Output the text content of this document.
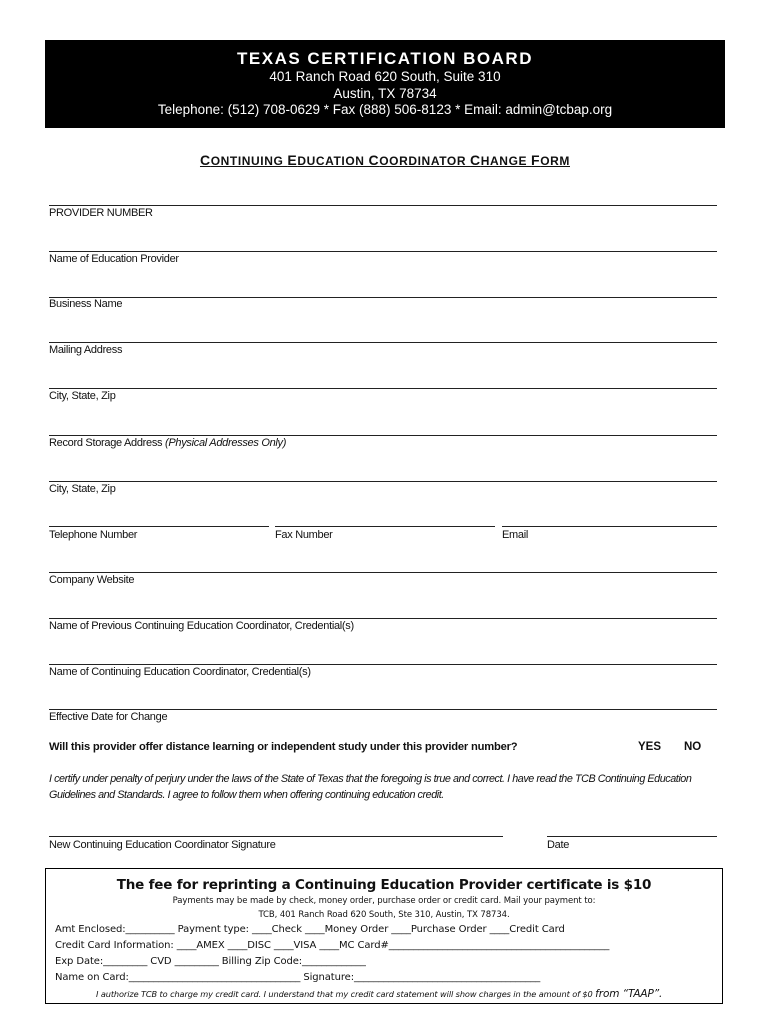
TEXAS CERTIFICATION BOARD
401 Ranch Road 620 South, Suite 310
Austin, TX 78734
Telephone: (512) 708-0629 * Fax (888) 506-8123 * Email: admin@tcbap.org
CONTINUING EDUCATION COORDINATOR CHANGE FORM
PROVIDER NUMBER
Name of Education Provider
Business Name
Mailing Address
City, State, Zip
Record Storage Address (Physical Addresses Only)
City, State, Zip
Telephone Number	Fax Number	Email
Company Website
Name of Previous Continuing Education Coordinator, Credential(s)
Name of Continuing Education Coordinator, Credential(s)
Effective Date for Change
Will this provider offer distance learning or independent study under this provider number?	YES NO
I certify under penalty of perjury under the laws of the State of Texas that the foregoing is true and correct. I have read the TCB Continuing Education Guidelines and Standards. I agree to follow them when offering continuing education credit.
New Continuing Education Coordinator Signature	Date
The fee for reprinting a Continuing Education Provider certificate is $10
Payments may be made by check, money order, purchase order or credit card. Mail your payment to:
TCB, 401 Ranch Road 620 South, Ste 310, Austin, TX 78734.
Amt Enclosed:__________ Payment type: ____Check ____Money Order ____Purchase Order ____Credit Card
Credit Card Information: ____AMEX ____DISC ____VISA ____MC Card#_____________________________________________
Exp Date:_________ CVD _________ Billing Zip Code:_____________
Name on Card:___________________________________ Signature:______________________________________
I authorize TCB to charge my credit card. I understand that my credit card statement will show charges in the amount of $0 from “TAAP”.
